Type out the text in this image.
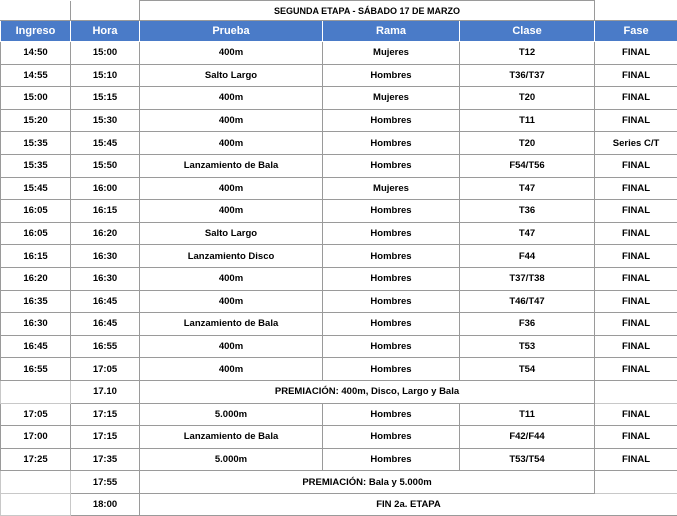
		SEGUNDA ETAPA - SÁBADO 17 DE MARZO			
Ingreso	Hora	Prueba	Rama	Clase	Fase
14:50	15:00	400m	Mujeres	T12	FINAL
14:55	15:10	Salto Largo	Hombres	T36/T37	FINAL
15:00	15:15	400m	Mujeres	T20	FINAL
15:20	15:30	400m	Hombres	T11	FINAL
15:35	15:45	400m	Hombres	T20	Series C/T
15:35	15:50	Lanzamiento de Bala	Hombres	F54/T56	FINAL
15:45	16:00	400m	Mujeres	T47	FINAL
16:05	16:15	400m	Hombres	T36	FINAL
16:05	16:20	Salto Largo	Hombres	T47	FINAL
16:15	16:30	Lanzamiento Disco	Hombres	F44	FINAL
16:20	16:30	400m	Hombres	T37/T38	FINAL
16:35	16:45	400m	Hombres	T46/T47	FINAL
16:30	16:45	Lanzamiento de Bala	Hombres	F36	FINAL
16:45	16:55	400m	Hombres	T53	FINAL
16:55	17:05	400m	Hombres	T54	FINAL
	17.10	PREMIACIÓN: 400m, Disco, Largo y Bala			
17:05	17:15	5.000m	Hombres	T11	FINAL
17:00	17:15	Lanzamiento de Bala	Hombres	F42/F44	FINAL
17:25	17:35	5.000m	Hombres	T53/T54	FINAL
	17:55	PREMIACIÓN: Bala y 5.000m			
	18:00	FIN 2a. ETAPA			
